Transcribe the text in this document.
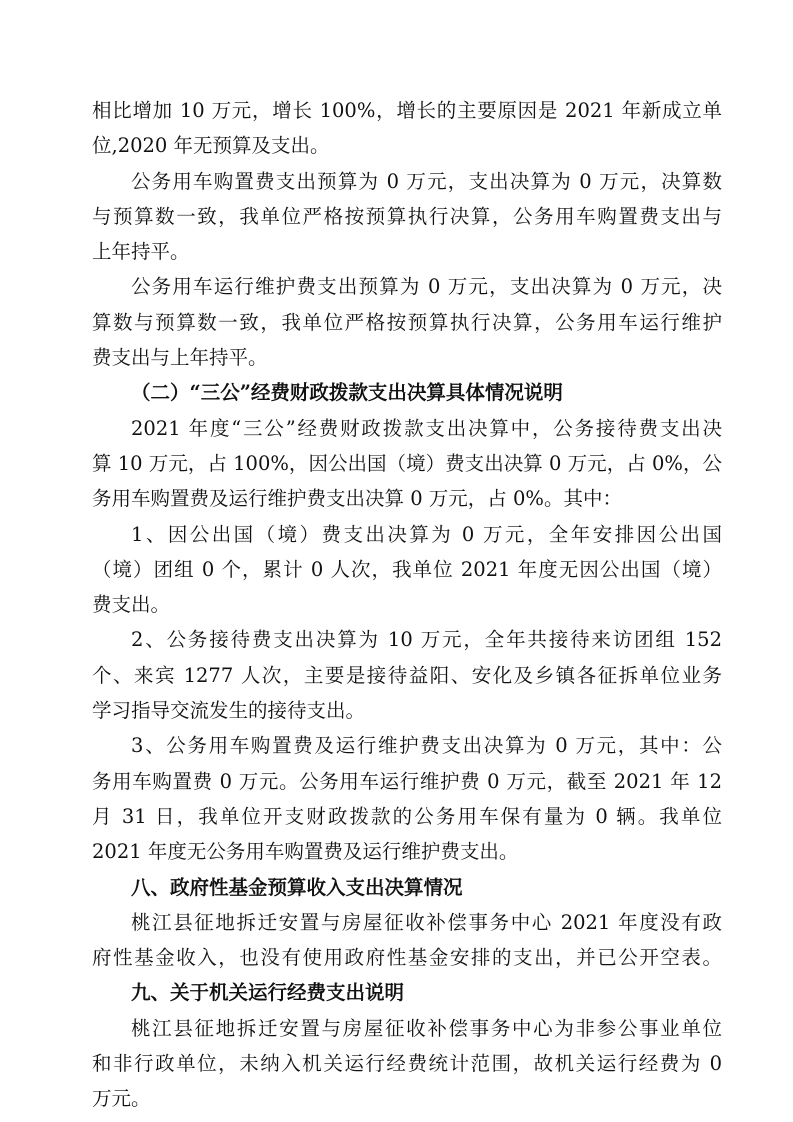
相比增加 10 万元，增长 100%，增长的主要原因是 2021 年新成立单
位,2020 年无预算及支出。
公务用车购置费支出预算为 0 万元，支出决算为 0 万元，决算数
与预算数一致，我单位严格按预算执行决算，公务用车购置费支出与
上年持平。
公务用车运行维护费支出预算为 0 万元，支出决算为 0 万元，决
算数与预算数一致，我单位严格按预算执行决算，公务用车运行维护
费支出与上年持平。
（二）“三公”经费财政拨款支出决算具体情况说明
2021 年度“三公”经费财政拨款支出决算中，公务接待费支出决
算 10 万元，占 100%，因公出国（境）费支出决算 0 万元，占 0%，公
务用车购置费及运行维护费支出决算 0 万元，占 0%。其中：
1、因公出国（境）费支出决算为 0 万元，全年安排因公出国
（境）团组 0 个，累计 0 人次，我单位 2021 年度无因公出国（境）
费支出。
2、公务接待费支出决算为 10 万元，全年共接待来访团组 152
个、来宾 1277 人次，主要是接待益阳、安化及乡镇各征拆单位业务
学习指导交流发生的接待支出。
3、公务用车购置费及运行维护费支出决算为 0 万元，其中：公
务用车购置费 0 万元。公务用车运行维护费 0 万元，截至 2021 年 12
月 31 日，我单位开支财政拨款的公务用车保有量为 0 辆。我单位
2021 年度无公务用车购置费及运行维护费支出。
八、政府性基金预算收入支出决算情况
桃江县征地拆迁安置与房屋征收补偿事务中心 2021 年度没有政
府性基金收入，也没有使用政府性基金安排的支出，并已公开空表。
九、关于机关运行经费支出说明
桃江县征地拆迁安置与房屋征收补偿事务中心为非参公事业单位
和非行政单位，未纳入机关运行经费统计范围，故机关运行经费为 0
万元。
